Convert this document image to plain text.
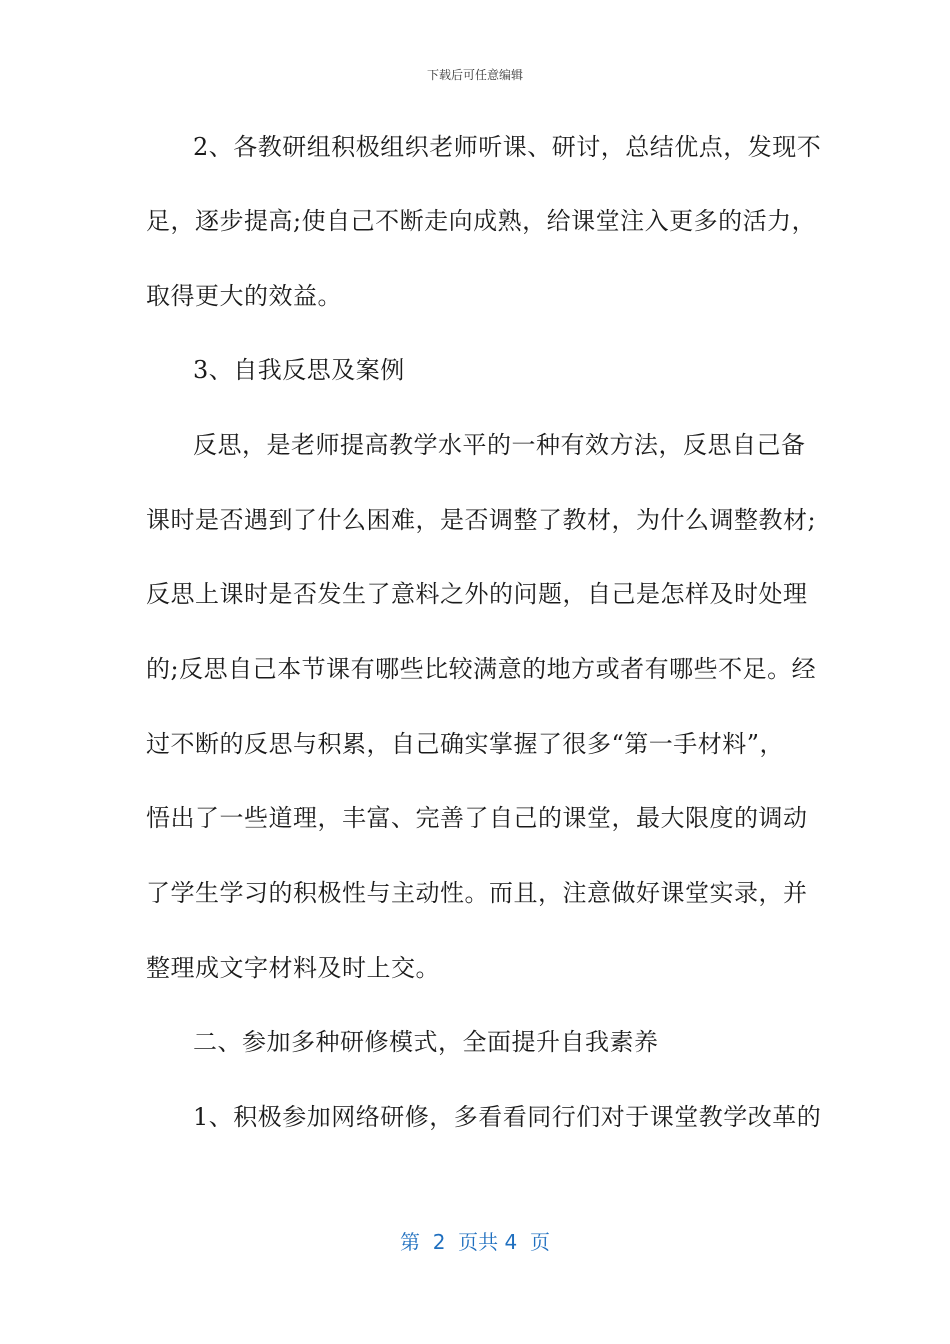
下载后可任意编辑
2、各教研组积极组织老师听课、研讨，总结优点，发现不
足，逐步提高;使自己不断走向成熟，给课堂注入更多的活力，
取得更大的效益。
3、自我反思及案例
反思，是老师提高教学水平的一种有效方法，反思自己备
课时是否遇到了什么困难，是否调整了教材，为什么调整教材;
反思上课时是否发生了意料之外的问题，自己是怎样及时处理
的;反思自己本节课有哪些比较满意的地方或者有哪些不足。经
过不断的反思与积累，自己确实掌握了很多“第一手材料”，
悟出了一些道理，丰富、完善了自己的课堂，最大限度的调动
了学生学习的积极性与主动性。而且，注意做好课堂实录，并
整理成文字材料及时上交。
二、参加多种研修模式，全面提升自我素养
1、积极参加网络研修，多看看同行们对于课堂教学改革的
第  2  页共 4  页
